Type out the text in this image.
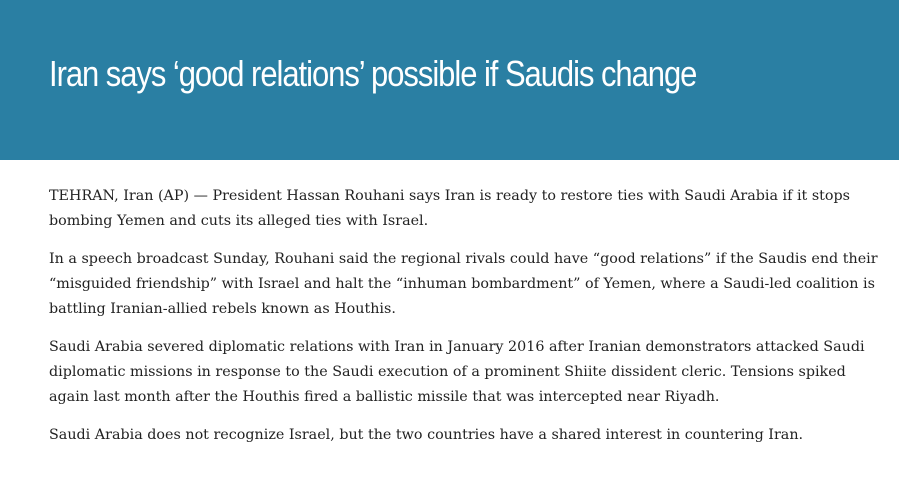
Iran says ‘good relations’ possible if Saudis change

TEHRAN, Iran (AP) — President Hassan Rouhani says Iran is ready to restore ties with Saudi Arabia if it stops bombing Yemen and cuts its alleged ties with Israel.

In a speech broadcast Sunday, Rouhani said the regional rivals could have “good relations” if the Saudis end their “misguided friendship” with Israel and halt the “inhuman bombardment” of Yemen, where a Saudi-led coalition is battling Iranian-allied rebels known as Houthis.

Saudi Arabia severed diplomatic relations with Iran in January 2016 after Iranian demonstrators attacked Saudi diplomatic missions in response to the Saudi execution of a prominent Shiite dissident cleric. Tensions spiked again last month after the Houthis fired a ballistic missile that was intercepted near Riyadh.

Saudi Arabia does not recognize Israel, but the two countries have a shared interest in countering Iran.
